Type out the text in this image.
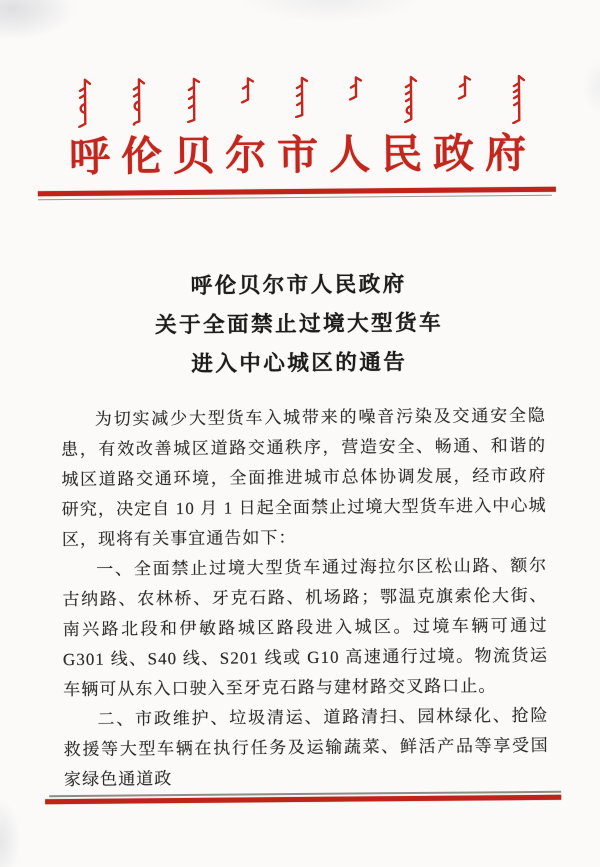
呼伦贝尔市人民政府
呼伦贝尔市人民政府
关于全面禁止过境大型货车
进入中心城区的通告

为切实减少大型货车入城带来的噪音污染及交通安全隐患，有效改善城区道路交通秩序，营造安全、畅通、和谐的城区道路交通环境，全面推进城市总体协调发展，经市政府研究，决定自 10 月 1 日起全面禁止过境大型货车进入中心城区，现将有关事宜通告如下：

一、全面禁止过境大型货车通过海拉尔区松山路、额尔古纳路、农林桥、牙克石路、机场路；鄂温克旗索伦大街、南兴路北段和伊敏路城区路段进入城区。过境车辆可通过 G301 线、S40 线、S201 线或 G10 高速通行过境。物流货运车辆可从东入口驶入至牙克石路与建材路交叉路口止。

二、市政维护、垃圾清运、道路清扫、园林绿化、抢险救援等大型车辆在执行任务及运输蔬菜、鲜活产品等享受国家绿色通道政
